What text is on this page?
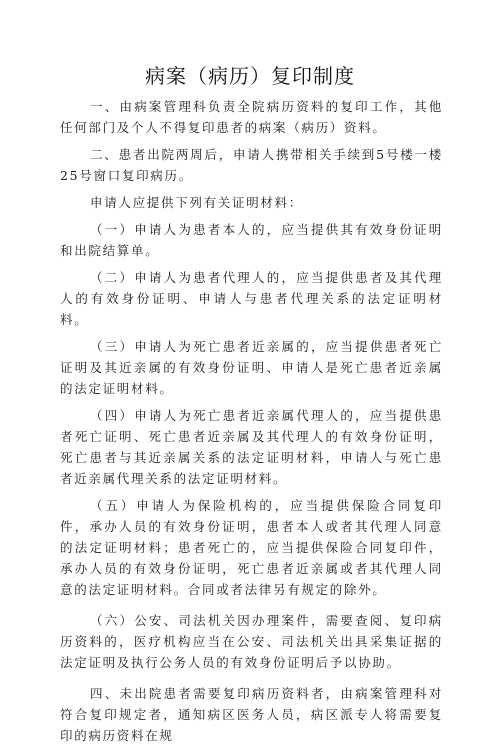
病案（病历）复印制度

一、由病案管理科负责全院病历资料的复印工作，其他任何部门及个人不得复印患者的病案（病历）资料。

二、患者出院两周后，申请人携带相关手续到5号楼一楼25号窗口复印病历。

申请人应提供下列有关证明材料：

（一）申请人为患者本人的，应当提供其有效身份证明和出院结算单。

（二）申请人为患者代理人的，应当提供患者及其代理人的有效身份证明、申请人与患者代理关系的法定证明材料。

（三）申请人为死亡患者近亲属的，应当提供患者死亡证明及其近亲属的有效身份证明、申请人是死亡患者近亲属的法定证明材料。

（四）申请人为死亡患者近亲属代理人的，应当提供患者死亡证明、死亡患者近亲属及其代理人的有效身份证明，死亡患者与其近亲属关系的法定证明材料，申请人与死亡患者近亲属代理关系的法定证明材料。

（五）申请人为保险机构的，应当提供保险合同复印件，承办人员的有效身份证明，患者本人或者其代理人同意的法定证明材料；患者死亡的，应当提供保险合同复印件，承办人员的有效身份证明，死亡患者近亲属或者其代理人同意的法定证明材料。合同或者法律另有规定的除外。

（六）公安、司法机关因办理案件，需要查阅、复印病历资料的，医疗机构应当在公安、司法机关出具采集证据的法定证明及执行公务人员的有效身份证明后予以协助。

四、未出院患者需要复印病历资料者，由病案管理科对符合复印规定者，通知病区医务人员，病区派专人将需要复印的病历资料在规
